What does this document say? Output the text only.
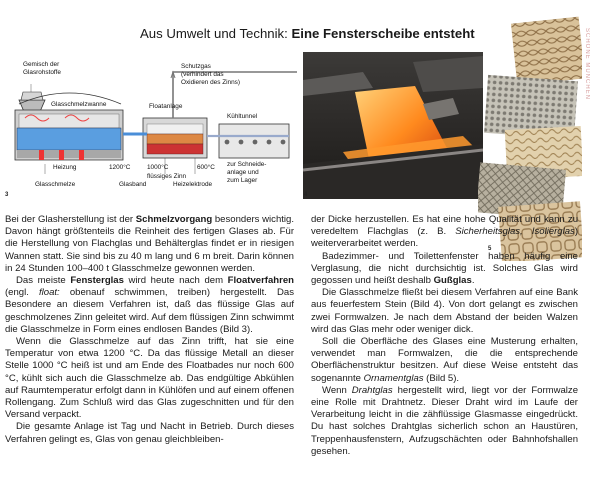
Aus Umwelt und Technik: Eine Fensterscheibe entsteht	SCHÖNE MÜNCHEN
Gemisch der
Glasrohstoffe
Schutzgas
(verhindert das
Oxidieren des Zinns)
Glasschmelzwanne	Floatanlage
Kühltunnel
Heizung	1200°C	1000°C	600°C
flüssiges Zinn
zur Schneide-
anlage und
zum Lager
Glasschmelze	Glasband	Heizelektrode
3	4
5

Bei der Glasherstellung ist der Schmelzvorgang besonders wichtig. Davon hängt größtenteils die Reinheit des fertigen Glases ab. Für die Herstellung von Flachglas und Behälterglas findet er in riesigen Wannen statt. Sie sind bis zu 40 m lang und 6 m breit. Darin können in 24 Stunden 100–400 t Glasschmelze gewonnen werden.

Das meiste Fensterglas wird heute nach dem Floatverfahren (engl. float: obenauf schwimmen, treiben) hergestellt. Das Besondere an diesem Verfahren ist, daß das flüssige Glas auf geschmolzenes Zinn geleitet wird. Auf dem flüssigen Zinn schwimmt die Glasschmelze in Form eines endlosen Bandes (Bild 3).

Wenn die Glasschmelze auf das Zinn trifft, hat sie eine Temperatur von etwa 1200 °C. Da das flüssige Metall an dieser Stelle 1000 °C heiß ist und am Ende des Floatbades nur noch 600 °C, kühlt sich auch die Glasschmelze ab. Das endgültige Abkühlen auf Raumtemperatur erfolgt dann in Kühlöfen und auf einem offenen Rollengang. Zum Schluß wird das Glas zugeschnitten und für den Versand verpackt.

Die gesamte Anlage ist Tag und Nacht in Betrieb. Durch dieses Verfahren gelingt es, Glas von genau gleichbleiben-

der Dicke herzustellen. Es hat eine hohe Qualität und kann zu veredeltem Flachglas (z. B. Sicherheitsglas, Isolierglas) weiterverarbeitet werden.

Badezimmer- und Toilettenfenster haben häufig eine Verglasung, die nicht durchsichtig ist. Solches Glas wird gegossen und heißt deshalb Gußglas.

Die Glasschmelze fließt bei diesem Verfahren auf eine Bank aus feuerfestem Stein (Bild 4). Von dort gelangt es zwischen zwei Formwalzen. Je nach dem Abstand der beiden Walzen wird das Glas mehr oder weniger dick.

Soll die Oberfläche des Glases eine Musterung erhalten, verwendet man Formwalzen, die die entsprechende Oberflächenstruktur besitzen. Auf diese Weise entsteht das sogenannte Ornamentglas (Bild 5).

Wenn Drahtglas hergestellt wird, liegt vor der Formwalze eine Rolle mit Drahtnetz. Dieser Draht wird im Laufe der Verarbeitung leicht in die zähflüssige Glasmasse eingedrückt. Du hast solches Drahtglas sicherlich schon an Haustüren, Treppenhausfenstern, Aufzugschächten oder Bahnhofshallen gesehen.
